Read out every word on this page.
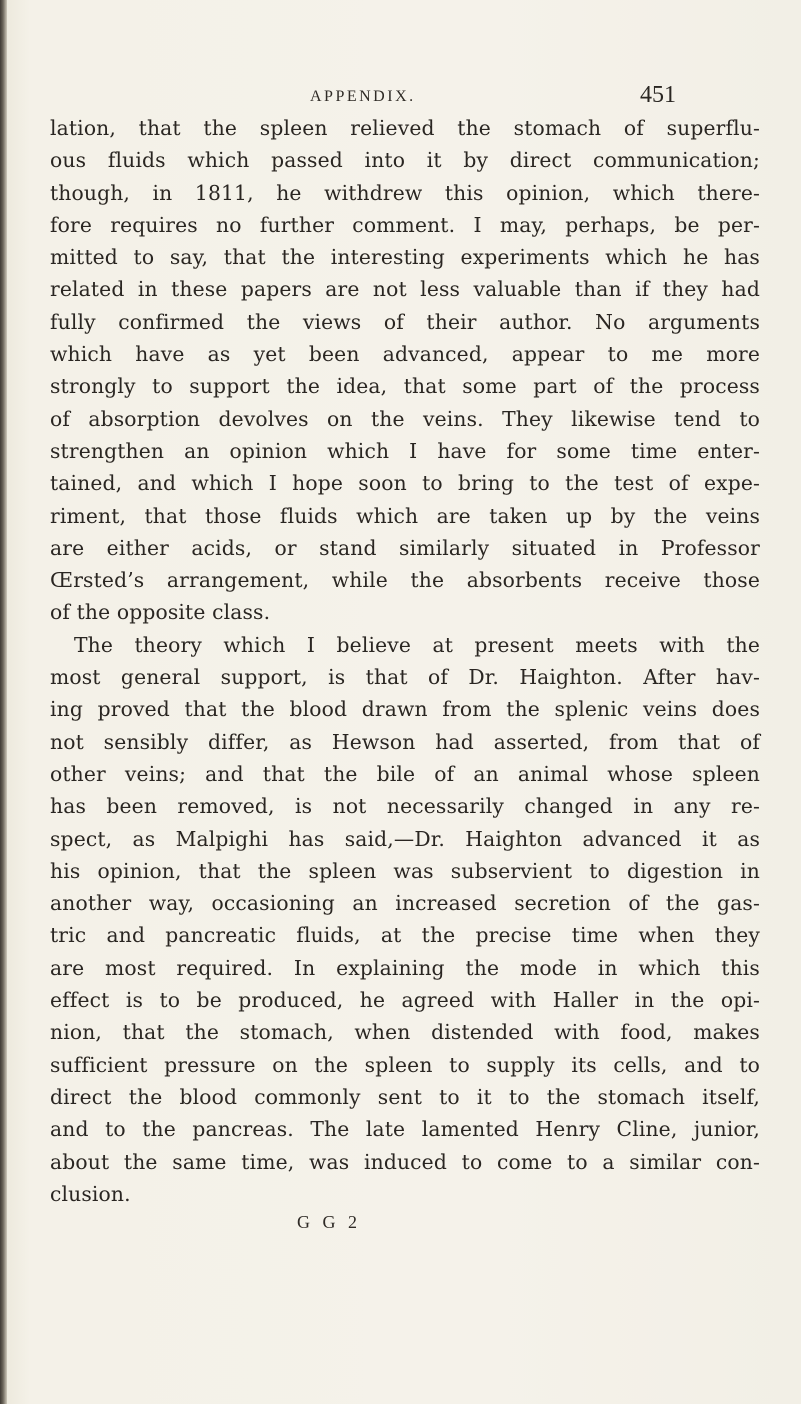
APPENDIX.	451
lation, that the spleen relieved the stomach of superflu-
ous fluids which passed into it by direct communication;
though, in 1811, he withdrew this opinion, which there-
fore requires no further comment. I may, perhaps, be per-
mitted to say, that the interesting experiments which he has
related in these papers are not less valuable than if they had
fully confirmed the views of their author. No arguments
which have as yet been advanced, appear to me more
strongly to support the idea, that some part of the process
of absorption devolves on the veins. They likewise tend to
strengthen an opinion which I have for some time enter-
tained, and which I hope soon to bring to the test of expe-
riment, that those fluids which are taken up by the veins
are either acids, or stand similarly situated in Professor
Œrsted’s arrangement, while the absorbents receive those
of the opposite class.
The theory which I believe at present meets with the
most general support, is that of Dr. Haighton. After hav-
ing proved that the blood drawn from the splenic veins does
not sensibly differ, as Hewson had asserted, from that of
other veins; and that the bile of an animal whose spleen
has been removed, is not necessarily changed in any re-
spect, as Malpighi has said,—Dr. Haighton advanced it as
his opinion, that the spleen was subservient to digestion in
another way, occasioning an increased secretion of the gas-
tric and pancreatic fluids, at the precise time when they
are most required. In explaining the mode in which this
effect is to be produced, he agreed with Haller in the opi-
nion, that the stomach, when distended with food, makes
sufficient pressure on the spleen to supply its cells, and to
direct the blood commonly sent to it to the stomach itself,
and to the pancreas. The late lamented Henry Cline, junior,
about the same time, was induced to come to a similar con-
clusion.
G G 2
